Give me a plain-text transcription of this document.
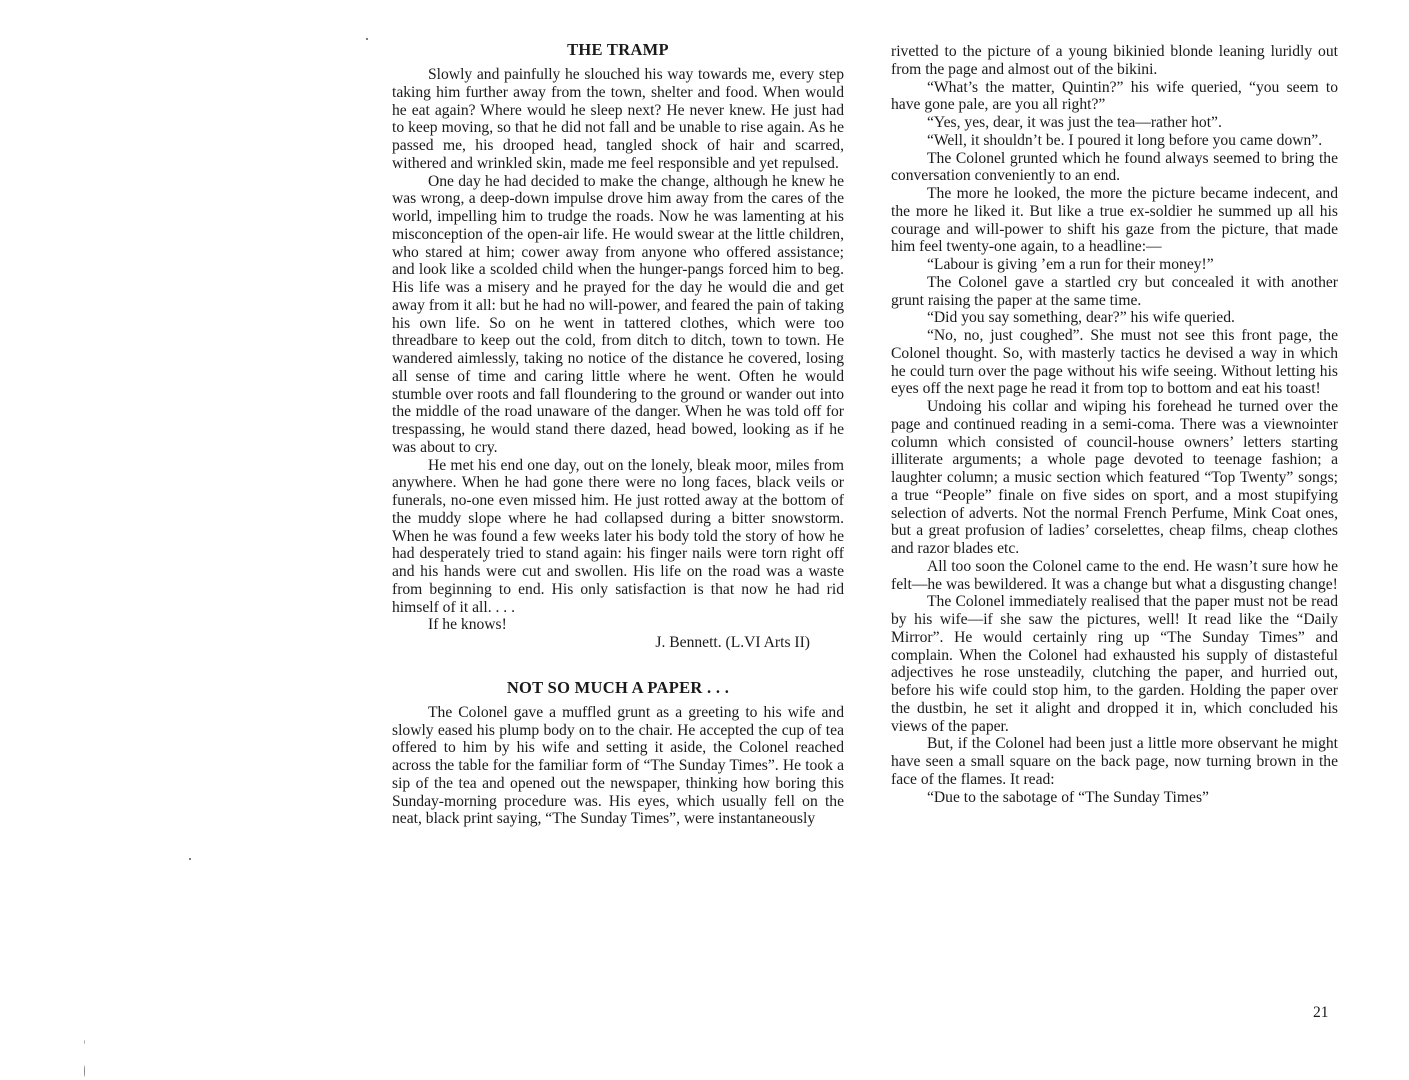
THE TRAMP

Slowly and painfully he slouched his way towards me, every step taking him further away from the town, shelter and food. When would he eat again? Where would he sleep next? He never knew. He just had to keep moving, so that he did not fall and be unable to rise again. As he passed me, his drooped head, tangled shock of hair and scarred, withered and wrinkled skin, made me feel responsible and yet repulsed.

One day he had decided to make the change, although he knew he was wrong, a deep-down impulse drove him away from the cares of the world, impelling him to trudge the roads. Now he was lamenting at his misconception of the open-air life. He would swear at the little children, who stared at him; cower away from anyone who offered assistance; and look like a scolded child when the hunger-pangs forced him to beg. His life was a misery and he prayed for the day he would die and get away from it all: but he had no will-power, and feared the pain of taking his own life. So on he went in tattered clothes, which were too threadbare to keep out the cold, from ditch to ditch, town to town. He wandered aimlessly, taking no notice of the distance he covered, losing all sense of time and caring little where he went. Often he would stumble over roots and fall floundering to the ground or wander out into the middle of the road unaware of the danger. When he was told off for trespassing, he would stand there dazed, head bowed, looking as if he was about to cry.

He met his end one day, out on the lonely, bleak moor, miles from anywhere. When he had gone there were no long faces, black veils or funerals, no-one even missed him. He just rotted away at the bottom of the muddy slope where he had collapsed during a bitter snowstorm. When he was found a few weeks later his body told the story of how he had desperately tried to stand again: his finger nails were torn right off and his hands were cut and swollen. His life on the road was a waste from beginning to end. His only satisfaction is that now he had rid himself of it all. . . .

If he knows!

J. Bennett. (L.VI Arts II)

NOT SO MUCH A PAPER . . .

The Colonel gave a muffled grunt as a greeting to his wife and slowly eased his plump body on to the chair. He accepted the cup of tea offered to him by his wife and setting it aside, the Colonel reached across the table for the familiar form of “The Sunday Times”. He took a sip of the tea and opened out the newspaper, thinking how boring this Sunday-morning procedure was. His eyes, which usually fell on the neat, black print saying, “The Sunday Times”, were instantaneously

rivetted to the picture of a young bikinied blonde leaning luridly out from the page and almost out of the bikini.

“What’s the matter, Quintin?” his wife queried, “you seem to have gone pale, are you all right?”

“Yes, yes, dear, it was just the tea—rather hot”.

“Well, it shouldn’t be. I poured it long before you came down”.

The Colonel grunted which he found always seemed to bring the conversation conveniently to an end.

The more he looked, the more the picture became indecent, and the more he liked it. But like a true ex-soldier he summed up all his courage and will-power to shift his gaze from the picture, that made him feel twenty-one again, to a headline:—

“Labour is giving ’em a run for their money!”

The Colonel gave a startled cry but concealed it with another grunt raising the paper at the same time.

“Did you say something, dear?” his wife queried.

“No, no, just coughed”. She must not see this front page, the Colonel thought. So, with masterly tactics he devised a way in which he could turn over the page without his wife seeing. Without letting his eyes off the next page he read it from top to bottom and eat his toast!

Undoing his collar and wiping his forehead he turned over the page and continued reading in a semi-coma. There was a viewnointer column which consisted of council-house owners’ letters starting illiterate arguments; a whole page devoted to teenage fashion; a laughter column; a music section which featured “Top Twenty” songs; a true “People” finale on five sides on sport, and a most stupifying selection of adverts. Not the normal French Perfume, Mink Coat ones, but a great profusion of ladies’ corselettes, cheap films, cheap clothes and razor blades etc.

All too soon the Colonel came to the end. He wasn’t sure how he felt—he was bewildered. It was a change but what a disgusting change!

The Colonel immediately realised that the paper must not be read by his wife—if she saw the pictures, well! It read like the “Daily Mirror”. He would certainly ring up “The Sunday Times” and complain. When the Colonel had exhausted his supply of distasteful adjectives he rose unsteadily, clutching the paper, and hurried out, before his wife could stop him, to the garden. Holding the paper over the dustbin, he set it alight and dropped it in, which concluded his views of the paper.

But, if the Colonel had been just a little more observant he might have seen a small square on the back page, now turning brown in the face of the flames. It read:

“Due to the sabotage of “The Sunday Times”

21
